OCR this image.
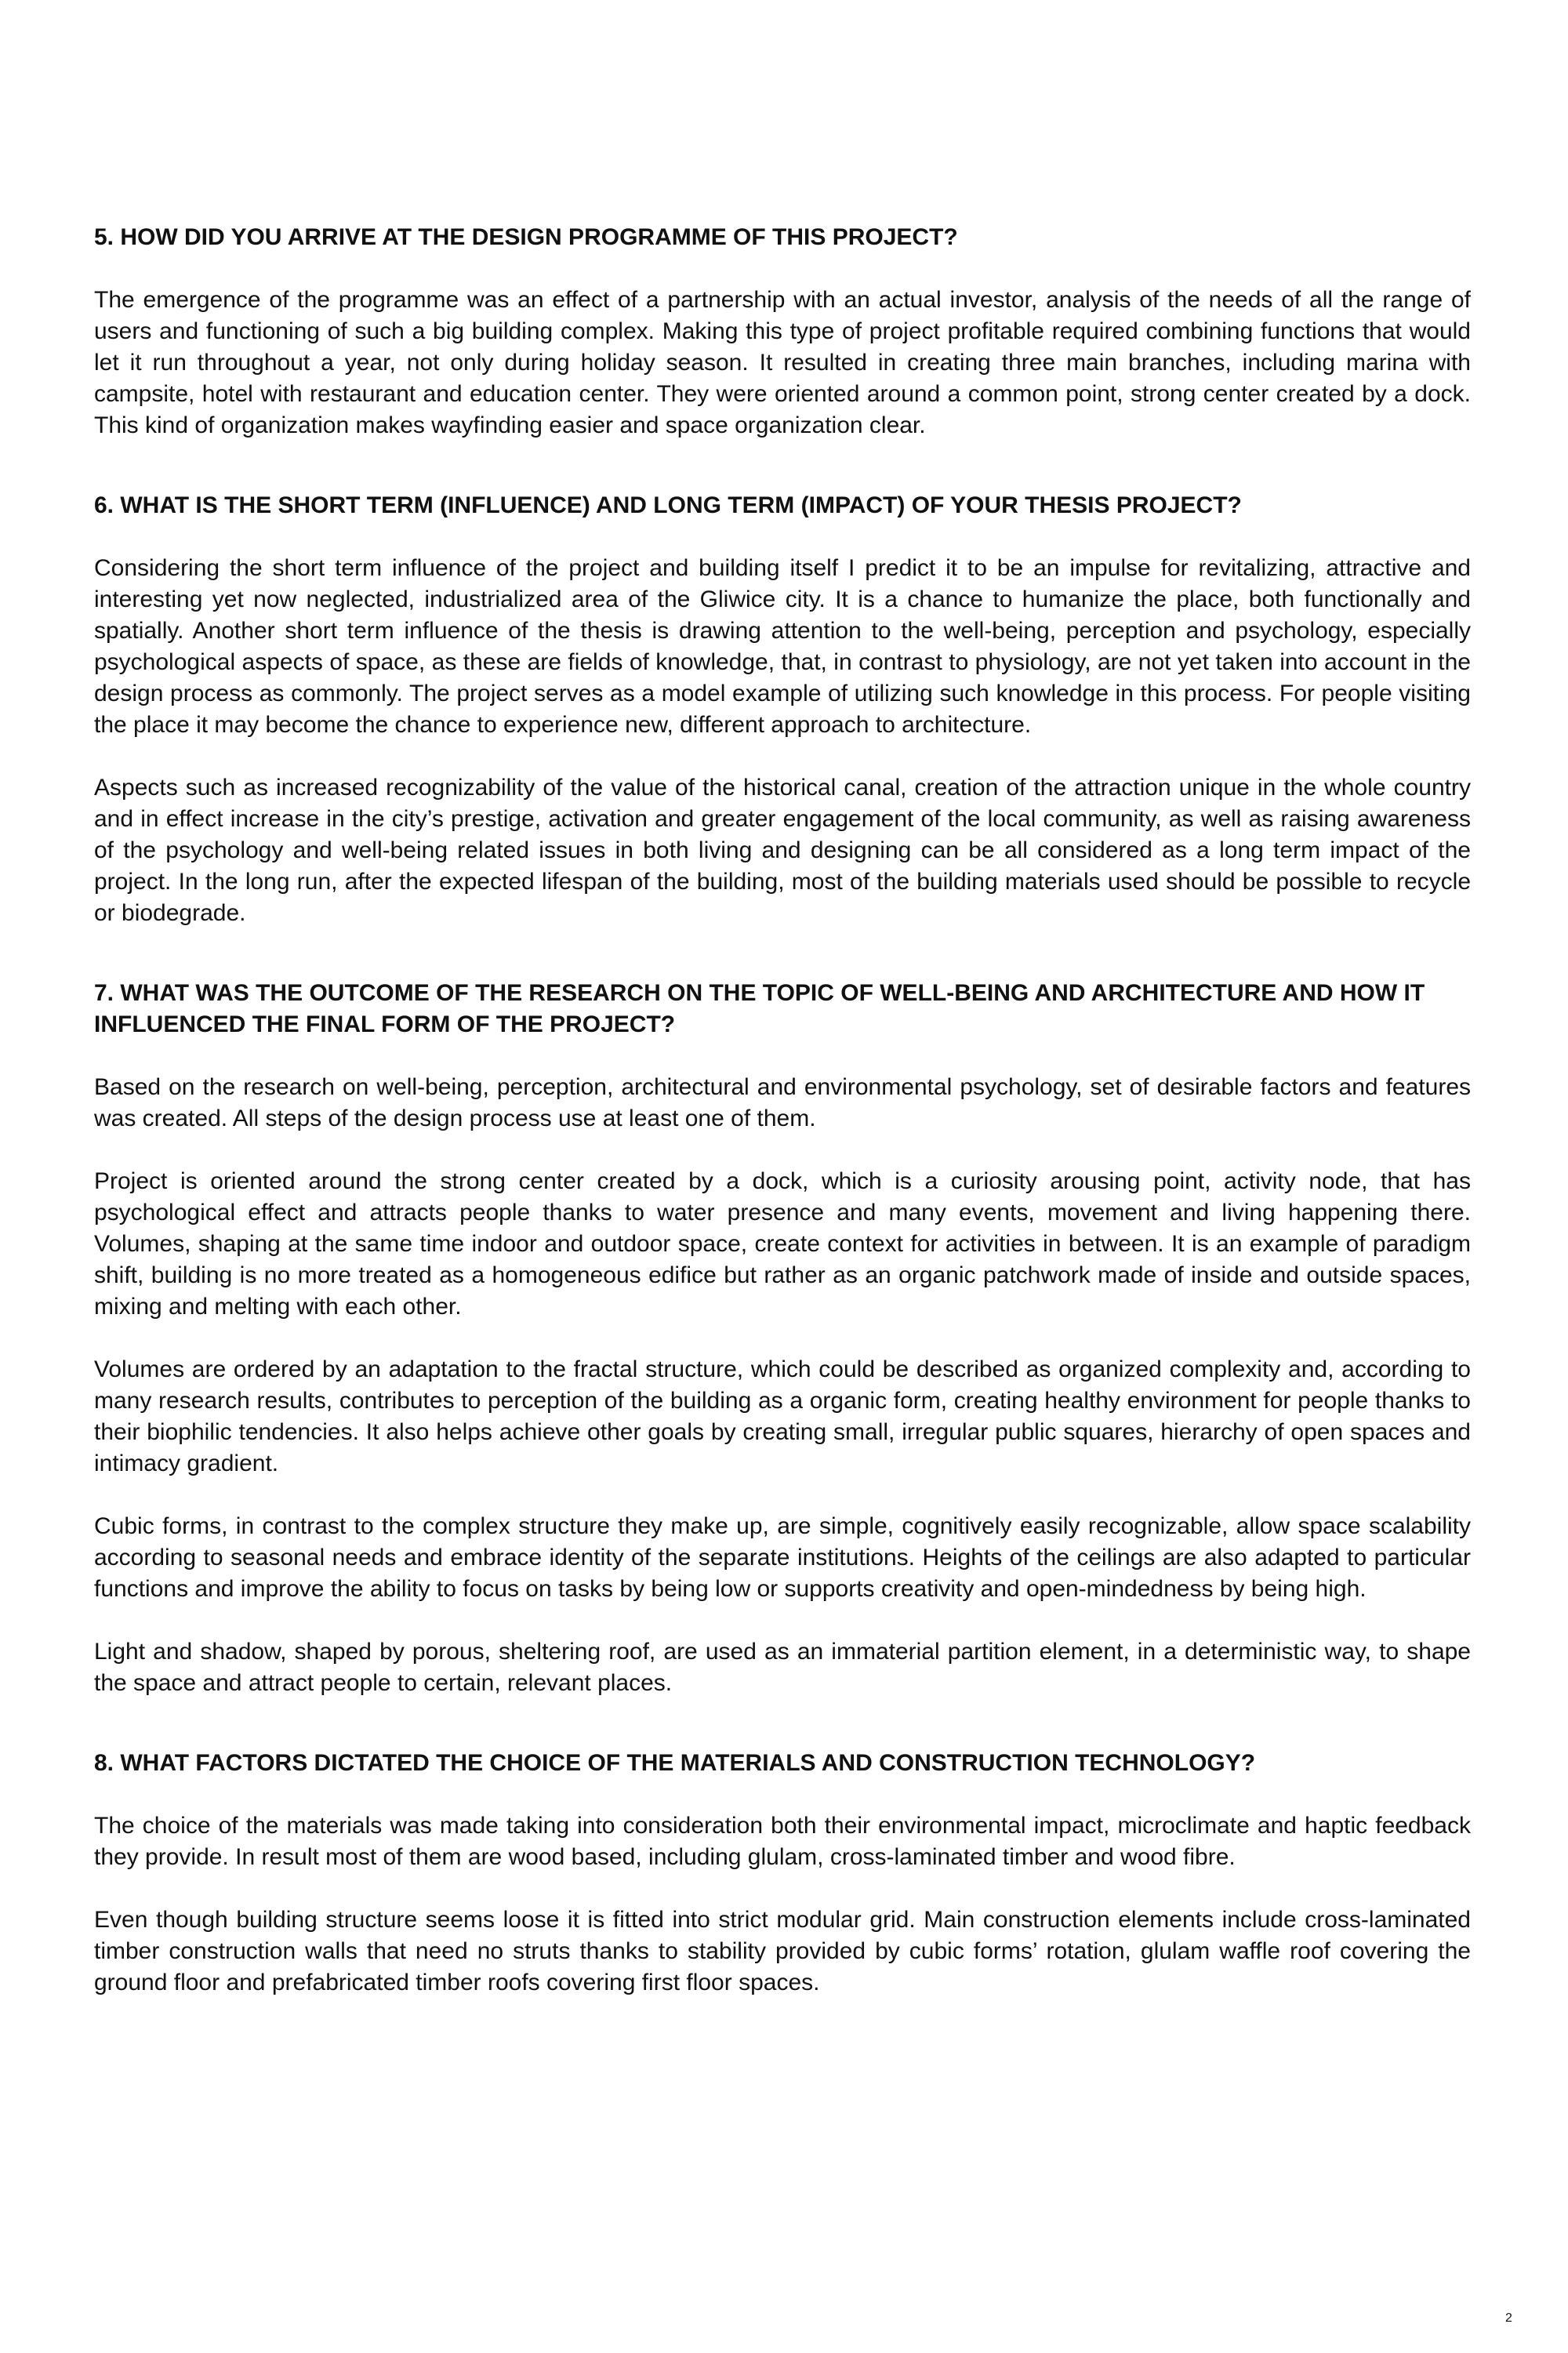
5. HOW DID YOU ARRIVE AT THE DESIGN PROGRAMME OF THIS PROJECT?
The emergence of the programme was an effect of a partnership with an actual investor, analysis of the needs of all the range of users and functioning of such a big building complex. Making this type of project profitable required combining functions that would let it run throughout a year, not only during holiday season. It resulted in creating three main branches, including marina with campsite, hotel with restaurant and education center. They were oriented around a common point, strong center created by a dock. This kind of organization makes wayfinding easier and space organization clear.
6. WHAT IS THE SHORT TERM (INFLUENCE) AND LONG TERM (IMPACT) OF YOUR THESIS PROJECT?
Considering the short term influence of the project and building itself I predict it to be an impulse for revitalizing, attractive and interesting yet now neglected, industrialized area of the Gliwice city. It is a chance to humanize the place, both functionally and spatially. Another short term influence of the thesis is drawing attention to the well-being, perception and psychology, especially psychological aspects of space, as these are fields of knowledge, that, in contrast to physiology, are not yet taken into account in the design process as commonly. The project serves as a model example of utilizing such knowledge in this process. For people visiting the place it may become the chance to experience new, different approach to architecture.
Aspects such as increased recognizability of the value of the historical canal, creation of the attraction unique in the whole country and in effect increase in the city’s prestige, activation and greater engagement of the local community, as well as raising awareness of the psychology and well-being related issues in both living and designing can be all considered as a long term impact of the project. In the long run, after the expected lifespan of the building, most of the building materials used should be possible to recycle or biodegrade.
7. WHAT WAS THE OUTCOME OF THE RESEARCH ON THE TOPIC OF WELL-BEING AND ARCHITECTURE AND HOW IT INFLUENCED THE FINAL FORM OF THE PROJECT?
Based on the research on well-being, perception, architectural and environmental psychology, set of desirable factors and features was created. All steps of the design process use at least one of them.
Project is oriented around the strong center created by a dock, which is a curiosity arousing point, activity node, that has psychological effect and attracts people thanks to water presence and many events, movement and living happening there. Volumes, shaping at the same time indoor and outdoor space, create context for activities in between. It is an example of paradigm shift, building is no more treated as a homogeneous edifice but rather as an organic patchwork made of inside and outside spaces, mixing and melting with each other.
Volumes are ordered by an adaptation to the fractal structure, which could be described as organized complexity and, according to many research results, contributes to perception of the building as a organic form, creating healthy environment for people thanks to their biophilic tendencies. It also helps achieve other goals by creating small, irregular public squares, hierarchy of open spaces and intimacy gradient.
Cubic forms, in contrast to the complex structure they make up, are simple, cognitively easily recognizable, allow space scalability according to seasonal needs and embrace identity of the separate institutions. Heights of the ceilings are also adapted to particular functions and improve the ability to focus on tasks by being low or supports creativity and open-mindedness by being high.
Light and shadow, shaped by porous, sheltering roof, are used as an immaterial partition element, in a deterministic way, to shape the space and attract people to certain, relevant places.
8. WHAT FACTORS DICTATED THE CHOICE OF THE MATERIALS AND CONSTRUCTION TECHNOLOGY?
The choice of the materials was made taking into consideration both their environmental impact, microclimate and haptic feedback they provide. In result most of them are wood based, including glulam, cross-laminated timber and wood fibre.
Even though building structure seems loose it is fitted into strict modular grid. Main construction elements include cross-laminated timber construction walls that need no struts thanks to stability provided by cubic forms’ rotation, glulam waffle roof covering the ground floor and prefabricated timber roofs covering first floor spaces.
2
